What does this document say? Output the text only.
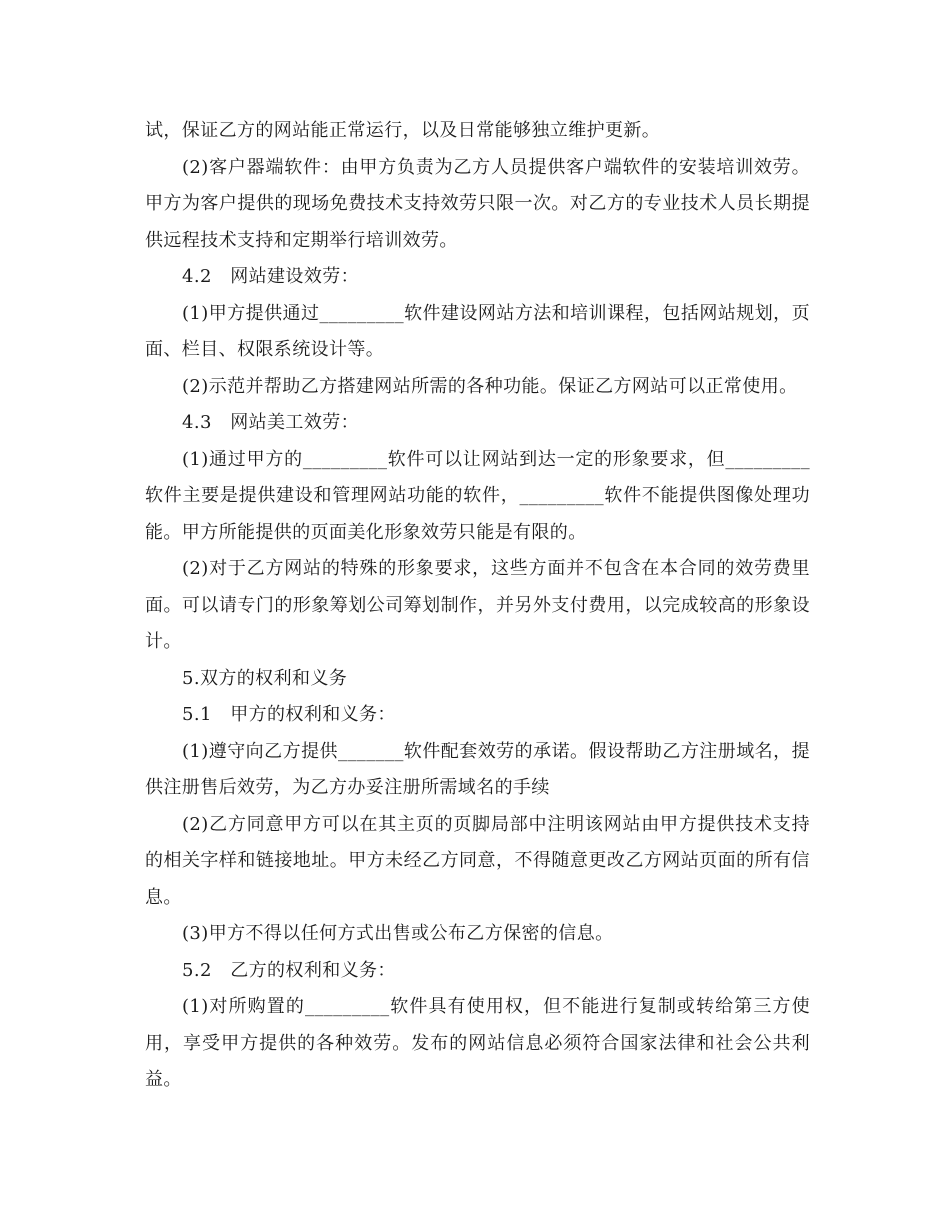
试，保证乙方的网站能正常运行，以及日常能够独立维护更新。

(2)客户器端软件：由甲方负责为乙方人员提供客户端软件的安装培训效劳。甲方为客户提供的现场免费技术支持效劳只限一次。对乙方的专业技术人员长期提供远程技术支持和定期举行培训效劳。

4.2　网站建设效劳：

(1)甲方提供通过_________软件建设网站方法和培训课程，包括网站规划，页面、栏目、权限系统设计等。

(2)示范并帮助乙方搭建网站所需的各种功能。保证乙方网站可以正常使用。

4.3　网站美工效劳：

(1)通过甲方的_________软件可以让网站到达一定的形象要求，但_________软件主要是提供建设和管理网站功能的软件，_________软件不能提供图像处理功能。甲方所能提供的页面美化形象效劳只能是有限的。

(2)对于乙方网站的特殊的形象要求，这些方面并不包含在本合同的效劳费里面。可以请专门的形象筹划公司筹划制作，并另外支付费用，以完成较高的形象设计。

5.双方的权利和义务

5.1　甲方的权利和义务：

(1)遵守向乙方提供_______软件配套效劳的承诺。假设帮助乙方注册域名，提供注册售后效劳，为乙方办妥注册所需域名的手续

(2)乙方同意甲方可以在其主页的页脚局部中注明该网站由甲方提供技术支持的相关字样和链接地址。甲方未经乙方同意，不得随意更改乙方网站页面的所有信息。

(3)甲方不得以任何方式出售或公布乙方保密的信息。

5.2　乙方的权利和义务：

(1)对所购置的_________软件具有使用权，但不能进行复制或转给第三方使用，享受甲方提供的各种效劳。发布的网站信息必须符合国家法律和社会公共利益。
